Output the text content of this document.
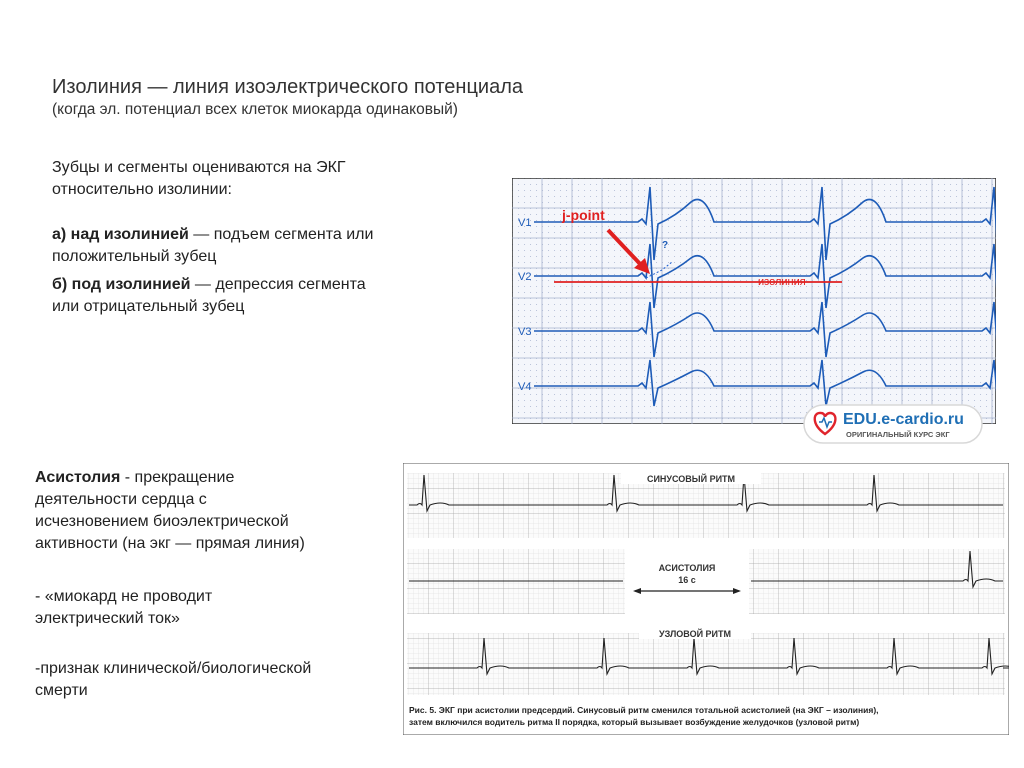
Изолиния — линия изоэлектрического потенциала
(когда эл. потенциал всех клеток миокарда одинаковый)
Зубцы и сегменты оцениваются на ЭКГ
относительно изолинии:
а) над изолинией — подъем сегмента или
положительный зубец
б) под изолинией — депрессия сегмента
или отрицательный зубец
V1
V2
V3
V4
изолиния
j-point
?
EDU.e-cardio.ru
ОРИГИНАЛЬНЫЙ КУРС ЭКГ
Асистолия - прекращение
деятельности сердца с
исчезновением биоэлектрической
активности (на экг — прямая линия)
- «миокард не проводит
электрический ток»
-признак клинической/биологической
смерти
СИНУСОВЫЙ РИТМ
АСИСТОЛИЯ
16 с
УЗЛОВОЙ РИТМ
Рис. 5. ЭКГ при асистолии предсердий. Синусовый ритм сменился тотальной асистолией (на ЭКГ – изолиния),
затем включился водитель ритма II порядка, который вызывает возбуждение желудочков (узловой ритм)
